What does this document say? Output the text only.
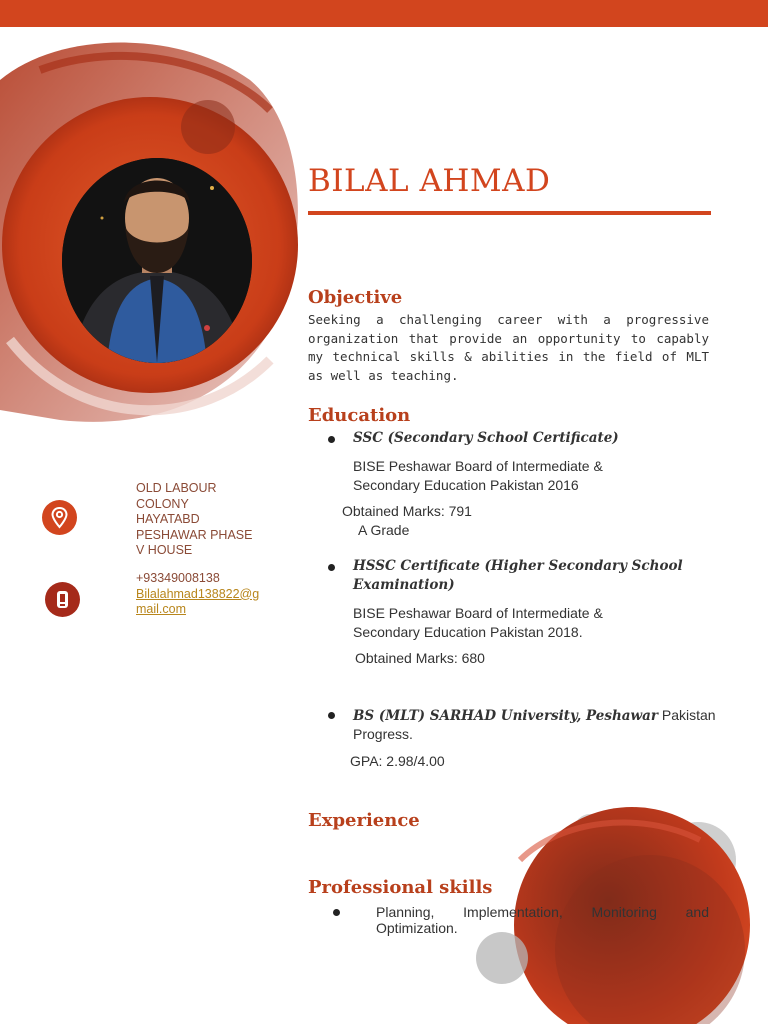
BILAL AHMAD
Objective
Seeking a challenging career with a progressive organization that provide an opportunity to capably my technical skills & abilities in the field of MLT as well as teaching.
Education
SSC (Secondary School Certificate)
BISE Peshawar Board of Intermediate &
Secondary Education Pakistan 2016
Obtained Marks: 791
A Grade
HSSC Certificate (Higher Secondary School
Examination)
BISE Peshawar Board of Intermediate &
Secondary Education Pakistan 2018.
Obtained Marks: 680
BS (MLT) SARHAD University, Peshawar Pakistan
Progress.
GPA: 2.98/4.00
Experience
Professional skills
Planning, Implementation, Monitoring and Optimization.
OLD LABOUR
COLONY
HAYATABD
PESHAWAR PHASE
V HOUSE
+93349008138
Bilalahmad138822@g
mail.com
